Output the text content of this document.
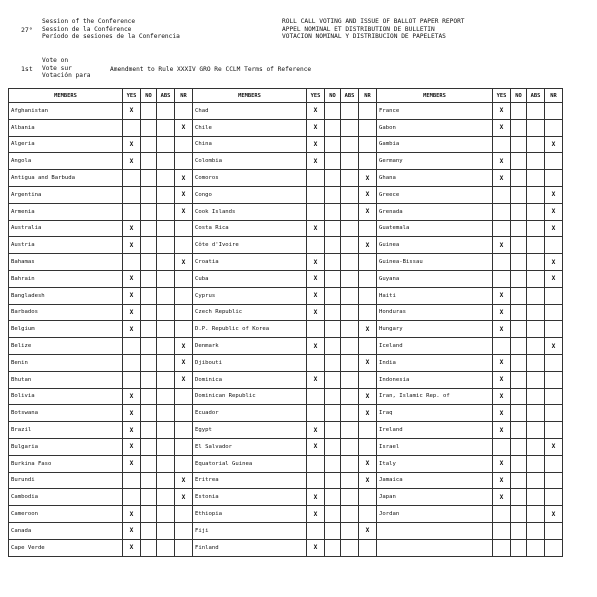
Session of the Conference
Session de la Conférence
Período de sesiones de la Conferencia
27°
ROLL CALL VOTING AND ISSUE OF BALLOT PAPER REPORT
APPEL NOMINAL ET DISTRIBUTION DE BULLETIN
VOTACION NOMINAL Y DISTRIBUCION DE PAPELETAS
Vote on
Vote sur
Votación para
1st	Amendment to Rule XXXIV GRO Re CCLM Terms of Reference
MEMBERS	YES	NO	ABS	NR	MEMBERS	YES	NO	ABS	NR	MEMBERS	YES	NO	ABS	NR
Afghanistan	X				Chad	X				France	X			
Albania				X	Chile	X				Gabon	X			
Algeria	X				China	X				Gambia				X
Angola	X				Colombia	X				Germany	X			
Antigua and Barbuda				X	Comoros				X	Ghana	X			
Argentina				X	Congo				X	Greece				X
Armenia				X	Cook Islands				X	Grenada				X
Australia	X				Costa Rica	X				Guatemala				X
Austria	X				Côte d'Ivoire				X	Guinea	X			
Bahamas				X	Croatia	X				Guinea-Bissau				X
Bahrain	X				Cuba	X				Guyana				X
Bangladesh	X				Cyprus	X				Haiti	X			
Barbados	X				Czech Republic	X				Honduras	X			
Belgium	X				D.P. Republic of Korea				X	Hungary	X			
Belize				X	Denmark	X				Iceland				X
Benin				X	Djibouti				X	India	X			
Bhutan				X	Dominica	X				Indonesia	X			
Bolivia	X				Dominican Republic				X	Iran, Islamic Rep. of	X			
Botswana	X				Ecuador				X	Iraq	X			
Brazil	X				Egypt	X				Ireland	X			
Bulgaria	X				El Salvador	X				Israel				X
Burkina Faso	X				Equatorial Guinea				X	Italy	X			
Burundi				X	Eritrea				X	Jamaica	X			
Cambodia				X	Estonia	X				Japan	X			
Cameroon	X				Ethiopia	X				Jordan				X
Canada	X				Fiji				X					
Cape Verde	X				Finland	X								
